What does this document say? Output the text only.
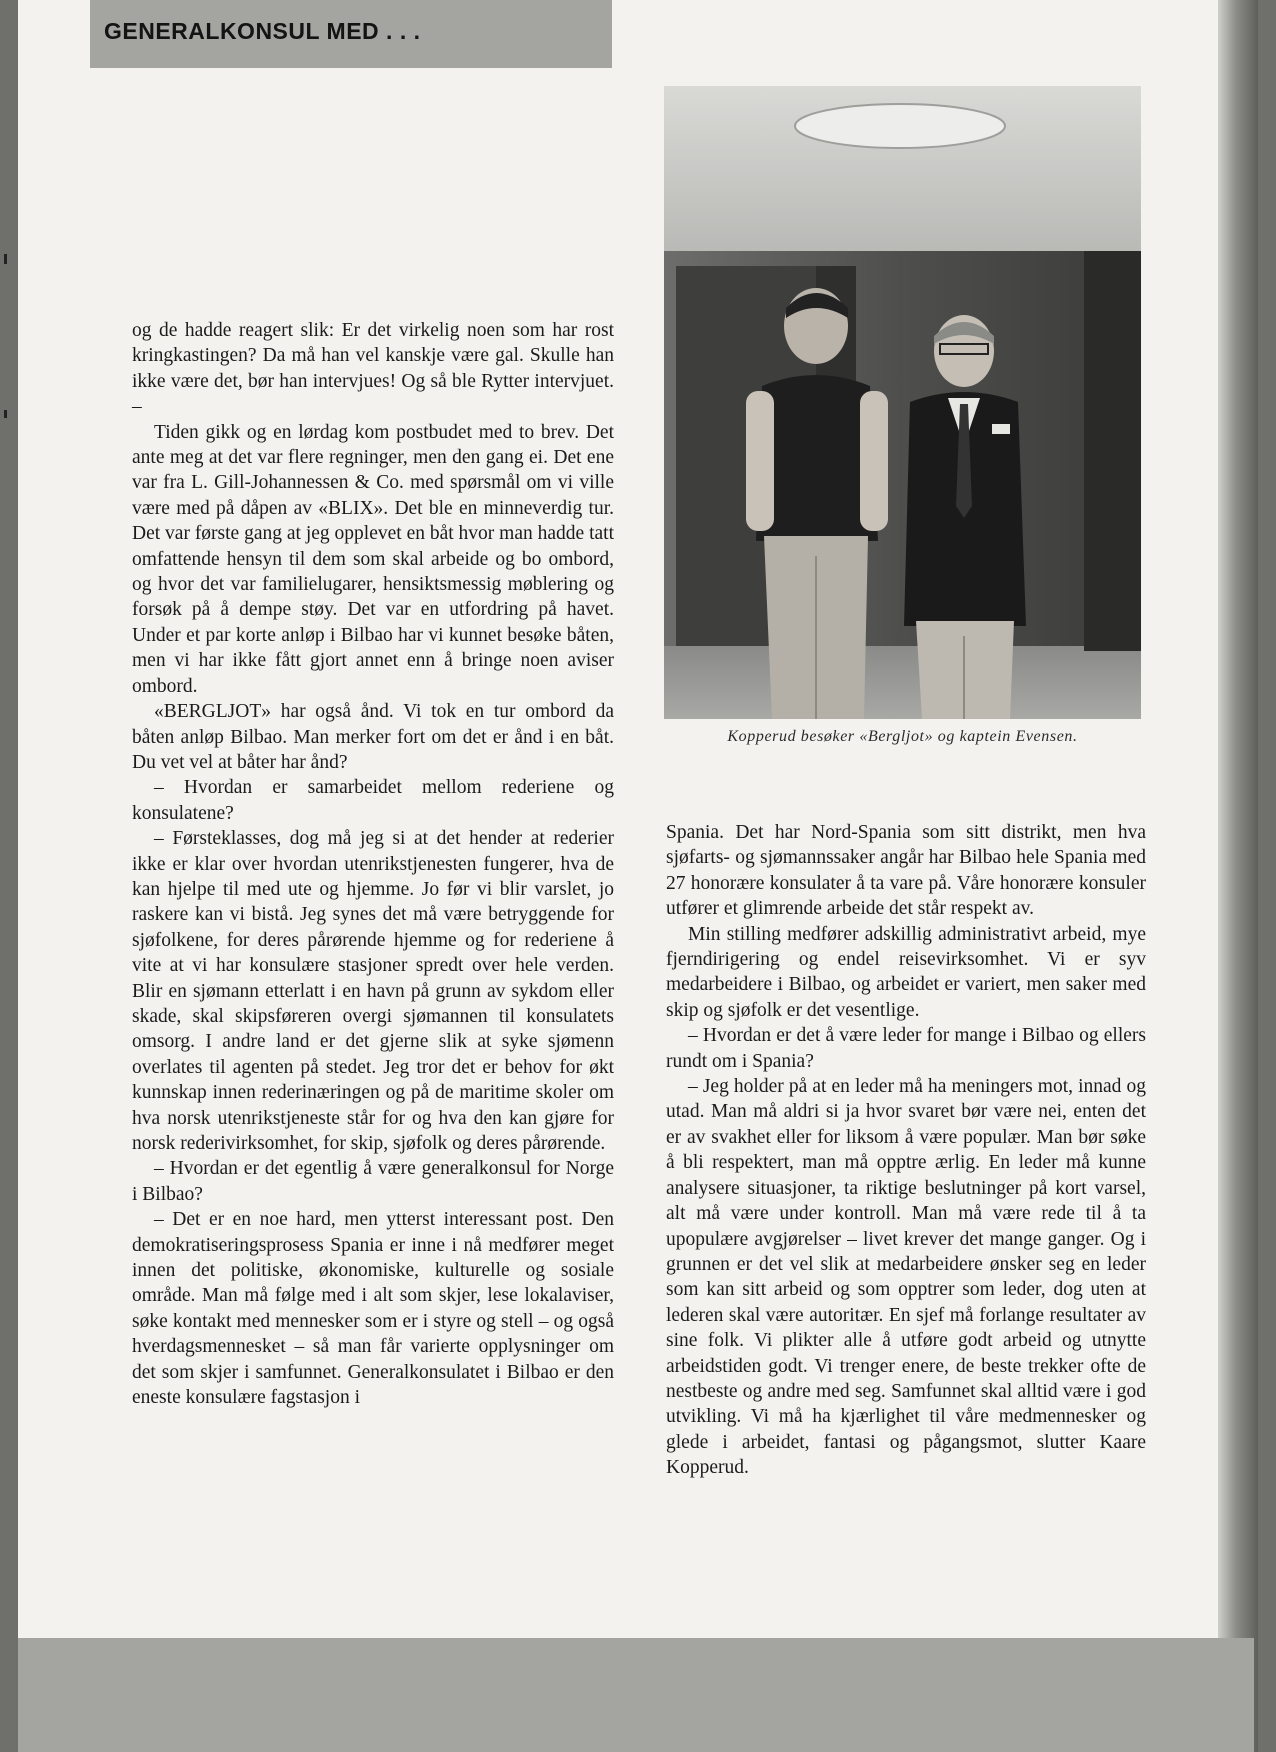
GENERALKONSUL MED . . .
Kopperud besøker «Bergljot» og kaptein Evensen.

og de hadde reagert slik: Er det virkelig noen som har rost kringkastingen? Da må han vel kanskje være gal. Skulle han ikke være det, bør han intervjues! Og så ble Rytter intervjuet. –

Tiden gikk og en lørdag kom postbudet med to brev. Det ante meg at det var flere regninger, men den gang ei. Det ene var fra L. Gill-Johannessen & Co. med spørsmål om vi ville være med på dåpen av «BLIX». Det ble en minneverdig tur. Det var første gang at jeg opplevet en båt hvor man hadde tatt omfattende hensyn til dem som skal arbeide og bo ombord, og hvor det var familielugarer, hensiktsmessig møblering og forsøk på å dempe støy. Det var en utfordring på havet. Under et par korte anløp i Bilbao har vi kunnet besøke båten, men vi har ikke fått gjort annet enn å bringe noen aviser ombord.

«BERGLJOT» har også ånd. Vi tok en tur ombord da båten anløp Bilbao. Man merker fort om det er ånd i en båt. Du vet vel at båter har ånd?

– Hvordan er samarbeidet mellom rederiene og konsulatene?

– Førsteklasses, dog må jeg si at det hender at rederier ikke er klar over hvordan utenrikstjenesten fungerer, hva de kan hjelpe til med ute og hjemme. Jo før vi blir varslet, jo raskere kan vi bistå. Jeg synes det må være betryggende for sjøfolkene, for deres pårørende hjemme og for rederiene å vite at vi har konsulære stasjoner spredt over hele verden. Blir en sjømann etterlatt i en havn på grunn av sykdom eller skade, skal skipsføreren overgi sjømannen til konsulatets omsorg. I andre land er det gjerne slik at syke sjømenn overlates til agenten på stedet. Jeg tror det er behov for økt kunnskap innen rederinæringen og på de maritime skoler om hva norsk utenrikstjeneste står for og hva den kan gjøre for norsk rederivirksomhet, for skip, sjøfolk og deres pårørende.

– Hvordan er det egentlig å være generalkonsul for Norge i Bilbao?

– Det er en noe hard, men ytterst interessant post. Den demokratiseringsprosess Spania er inne i nå medfører meget innen det politiske, økonomiske, kulturelle og sosiale område. Man må følge med i alt som skjer, lese lokalaviser, søke kontakt med mennesker som er i styre og stell – og også hverdagsmennesket – så man får varierte opplysninger om det som skjer i samfunnet. Generalkonsulatet i Bilbao er den eneste konsulære fagstasjon i

Spania. Det har Nord-Spania som sitt distrikt, men hva sjøfarts- og sjømannssaker angår har Bilbao hele Spania med 27 honorære konsulater å ta vare på. Våre honorære konsuler utfører et glimrende arbeide det står respekt av.

Min stilling medfører adskillig administrativt arbeid, mye fjerndirigering og endel reisevirksomhet. Vi er syv medarbeidere i Bilbao, og arbeidet er variert, men saker med skip og sjøfolk er det vesentlige.

– Hvordan er det å være leder for mange i Bilbao og ellers rundt om i Spania?

– Jeg holder på at en leder må ha meningers mot, innad og utad. Man må aldri si ja hvor svaret bør være nei, enten det er av svakhet eller for liksom å være populær. Man bør søke å bli respektert, man må opptre ærlig. En leder må kunne analysere situasjoner, ta riktige beslutninger på kort varsel, alt må være under kontroll. Man må være rede til å ta upopulære avgjørelser – livet krever det mange ganger. Og i grunnen er det vel slik at medarbeidere ønsker seg en leder som kan sitt arbeid og som opptrer som leder, dog uten at lederen skal være autoritær. En sjef må forlange resultater av sine folk. Vi plikter alle å utføre godt arbeid og utnytte arbeidstiden godt. Vi trenger enere, de beste trekker ofte de nestbeste og andre med seg. Samfunnet skal alltid være i god utvikling. Vi må ha kjærlighet til våre medmennesker og glede i arbeidet, fantasi og pågangsmot, slutter Kaare Kopperud.
